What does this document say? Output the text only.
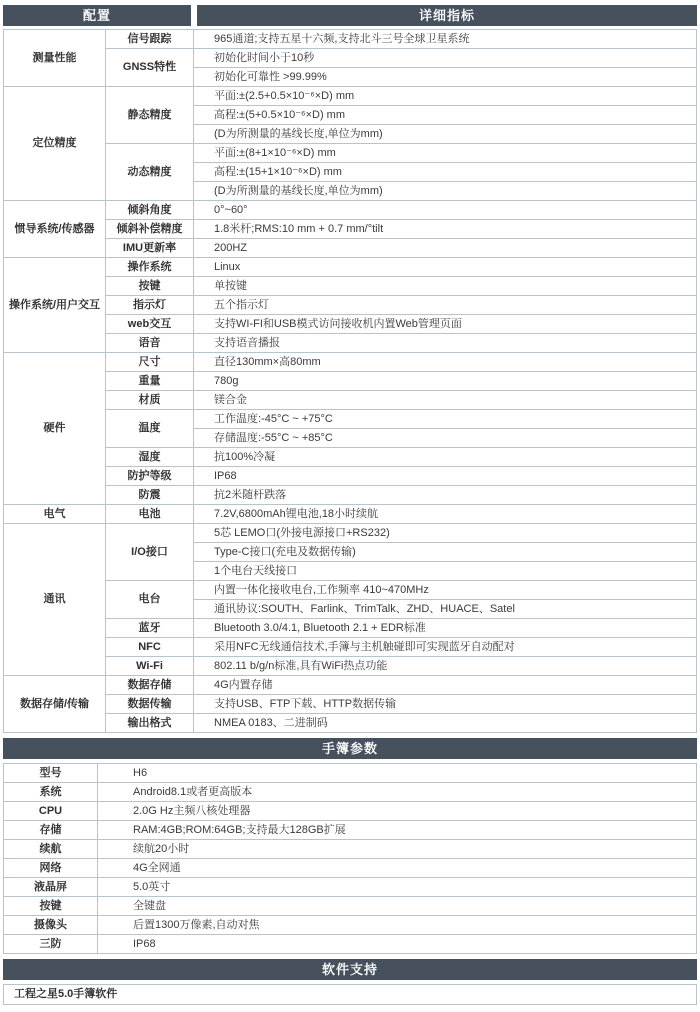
配置	详细指标
测量性能	信号跟踪	965通道;支持五星十六频,支持北斗三号全球卫星系统
	GNSS特性	初始化时间小于10秒
		初始化可靠性 >99.99%
定位精度	静态精度	平面:±(2.5+0.5×10⁻⁶×D) mm
		高程:±(5+0.5×10⁻⁶×D) mm
		(D为所测量的基线长度,单位为mm)
	动态精度	平面:±(8+1×10⁻⁶×D) mm
		高程:±(15+1×10⁻⁶×D) mm
		(D为所测量的基线长度,单位为mm)
惯导系统/传感器	倾斜角度	0°~60°
	倾斜补偿精度	1.8米杆;RMS:10 mm + 0.7 mm/°tilt
	IMU更新率	200HZ
操作系统/用户交互	操作系统	Linux
	按键	单按键
	指示灯	五个指示灯
	web交互	支持WI-FI和USB模式访问接收机内置Web管理页面
	语音	支持语音播报
硬件	尺寸	直径130mm×高80mm
	重量	780g
	材质	镁合金
	温度	工作温度:-45°C ~ +75°C
		存储温度:-55°C ~ +85°C
	湿度	抗100%冷凝
	防护等级	IP68
	防震	抗2米随杆跌落
电气	电池	7.2V,6800mAh锂电池,18小时续航
通讯	I/O接口	5芯 LEMO口(外接电源接口+RS232)
		Type-C接口(充电及数据传输)
		1个电台天线接口
	电台	内置一体化接收电台,工作频率 410~470MHz
		通讯协议:SOUTH、Farlink、TrimTalk、ZHD、HUACE、Satel
	蓝牙	Bluetooth 3.0/4.1, Bluetooth 2.1 + EDR标准
	NFC	采用NFC无线通信技术,手簿与主机触碰即可实现蓝牙自动配对
	Wi-Fi	802.11 b/g/n标准,具有WiFi热点功能
数据存储/传输	数据存储	4G内置存储
	数据传输	支持USB、FTP下载、HTTP数据传输
	输出格式	NMEA 0183、二进制码
手簿参数
型号	H6
系统	Android8.1或者更高版本
CPU	2.0G Hz主频八核处理器
存储	RAM:4GB;ROM:64GB;支持最大128GB扩展
续航	续航20小时
网络	4G全网通
液晶屏	5.0英寸
按键	全键盘
摄像头	后置1300万像素,自动对焦
三防	IP68
软件支持
工程之星5.0手簿软件
